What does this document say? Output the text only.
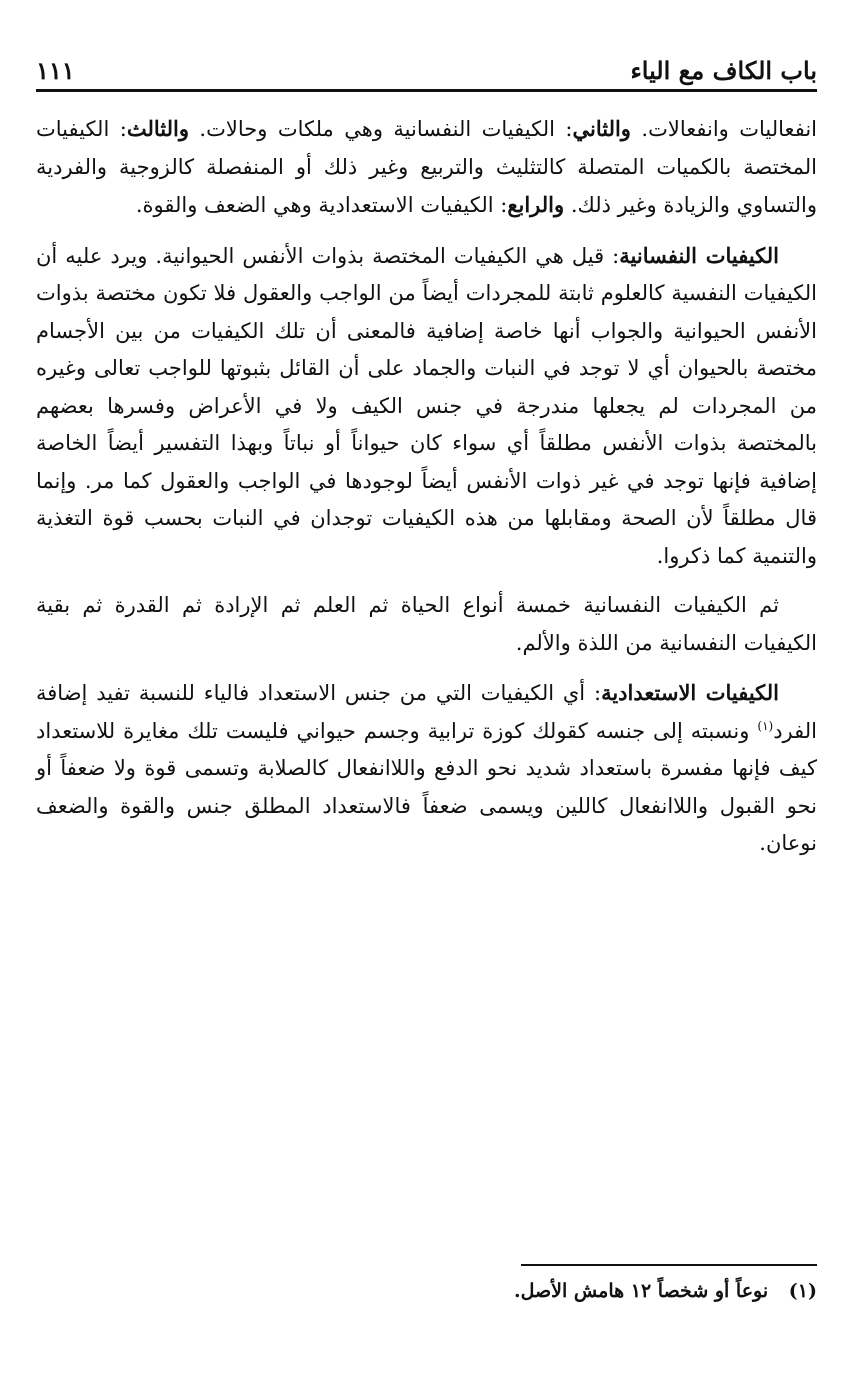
باب الكاف مع الياء
١١١

انفعاليات وانفعالات. والثاني: الكيفيات النفسانية وهي ملكات وحالات. والثالث: الكيفيات المختصة بالكميات المتصلة كالتثليث والتربيع وغير ذلك أو المنفصلة كالزوجية والفردية والتساوي والزيادة وغير ذلك. والرابع: الكيفيات الاستعدادية وهي الضعف والقوة.

الكيفيات النفسانية: قيل هي الكيفيات المختصة بذوات الأنفس الحيوانية. ويرد عليه أن الكيفيات النفسية كالعلوم ثابتة للمجردات أيضاً من الواجب والعقول فلا تكون مختصة بذوات الأنفس الحيوانية والجواب أنها خاصة إضافية فالمعنى أن تلك الكيفيات من بين الأجسام مختصة بالحيوان أي لا توجد في النبات والجماد على أن القائل بثبوتها للواجب تعالى وغيره من المجردات لم يجعلها مندرجة في جنس الكيف ولا في الأعراض وفسرها بعضهم بالمختصة بذوات الأنفس مطلقاً أي سواء كان حيواناً أو نباتاً وبهذا التفسير أيضاً الخاصة إضافية فإنها توجد في غير ذوات الأنفس أيضاً لوجودها في الواجب والعقول كما مر. وإنما قال مطلقاً لأن الصحة ومقابلها من هذه الكيفيات توجدان في النبات بحسب قوة التغذية والتنمية كما ذكروا.

ثم الكيفيات النفسانية خمسة أنواع الحياة ثم العلم ثم الإرادة ثم القدرة ثم بقية الكيفيات النفسانية من اللذة والألم.

الكيفيات الاستعدادية: أي الكيفيات التي من جنس الاستعداد فالياء للنسبة تفيد إضافة الفرد$^{(١)}$ ونسبته إلى جنسه كقولك كوزة ترابية وجسم حيواني فليست تلك مغايرة للاستعداد كيف فإنها مفسرة باستعداد شديد نحو الدفع واللاانفعال كالصلابة وتسمى قوة ولا ضعفاً أو نحو القبول واللاانفعال كاللين ويسمى ضعفاً فالاستعداد المطلق جنس والقوة والضعف نوعان.

(١) نوعاً أو شخصاً ١٢ هامش الأصل.
